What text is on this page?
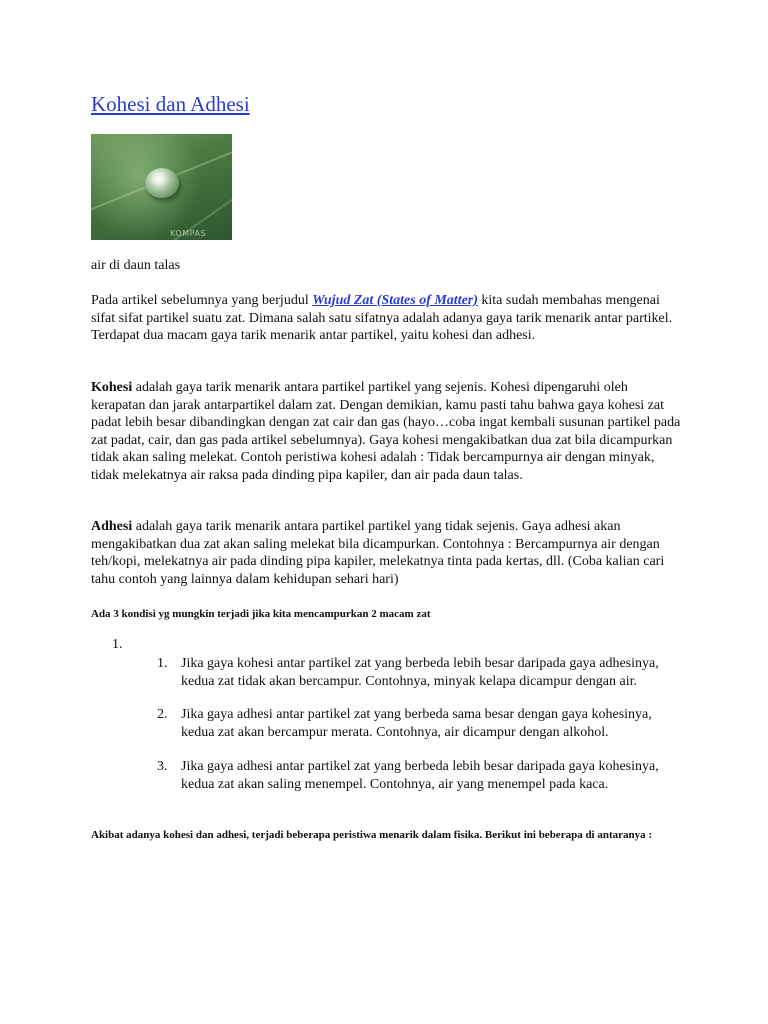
Kohesi dan Adhesi
KOMPAS

air di daun talas

Pada artikel sebelumnya yang berjudul Wujud Zat (States of Matter) kita sudah membahas mengenai sifat sifat partikel suatu zat. Dimana salah satu sifatnya adalah adanya gaya tarik menarik antar partikel. Terdapat dua macam gaya tarik menarik antar partikel, yaitu kohesi dan adhesi.

Kohesi adalah gaya tarik menarik antara partikel partikel yang sejenis. Kohesi dipengaruhi oleh kerapatan dan jarak antarpartikel dalam zat. Dengan demikian, kamu pasti tahu bahwa gaya kohesi zat padat lebih besar dibandingkan dengan zat cair dan gas (hayo…coba ingat kembali susunan partikel pada zat padat, cair, dan gas pada artikel sebelumnya). Gaya kohesi mengakibatkan dua zat bila dicampurkan tidak akan saling melekat. Contoh peristiwa kohesi adalah : Tidak bercampurnya air dengan minyak, tidak melekatnya air raksa pada dinding pipa kapiler, dan air pada daun talas.

Adhesi adalah gaya tarik menarik antara partikel partikel yang tidak sejenis. Gaya adhesi akan mengakibatkan dua zat akan saling melekat bila dicampurkan. Contohnya : Bercampurnya air dengan teh/kopi, melekatnya air pada dinding pipa kapiler, melekatnya tinta pada kertas, dll. (Coba kalian cari tahu contoh yang lainnya dalam kehidupan sehari hari)

Ada 3 kondisi yg mungkin terjadi jika kita mencampurkan 2 macam zat

1.

1. Jika gaya kohesi antar partikel zat yang berbeda lebih besar daripada gaya adhesinya, kedua zat tidak akan bercampur. Contohnya, minyak kelapa dicampur dengan air.
2. Jika gaya adhesi antar partikel zat yang berbeda sama besar dengan gaya kohesinya, kedua zat akan bercampur merata. Contohnya, air dicampur dengan alkohol.
3. Jika gaya adhesi antar partikel zat yang berbeda lebih besar daripada gaya kohesinya, kedua zat akan saling menempel. Contohnya, air yang menempel pada kaca.

Akibat adanya kohesi dan adhesi, terjadi beberapa peristiwa menarik dalam fisika. Berikut ini beberapa di antaranya :
